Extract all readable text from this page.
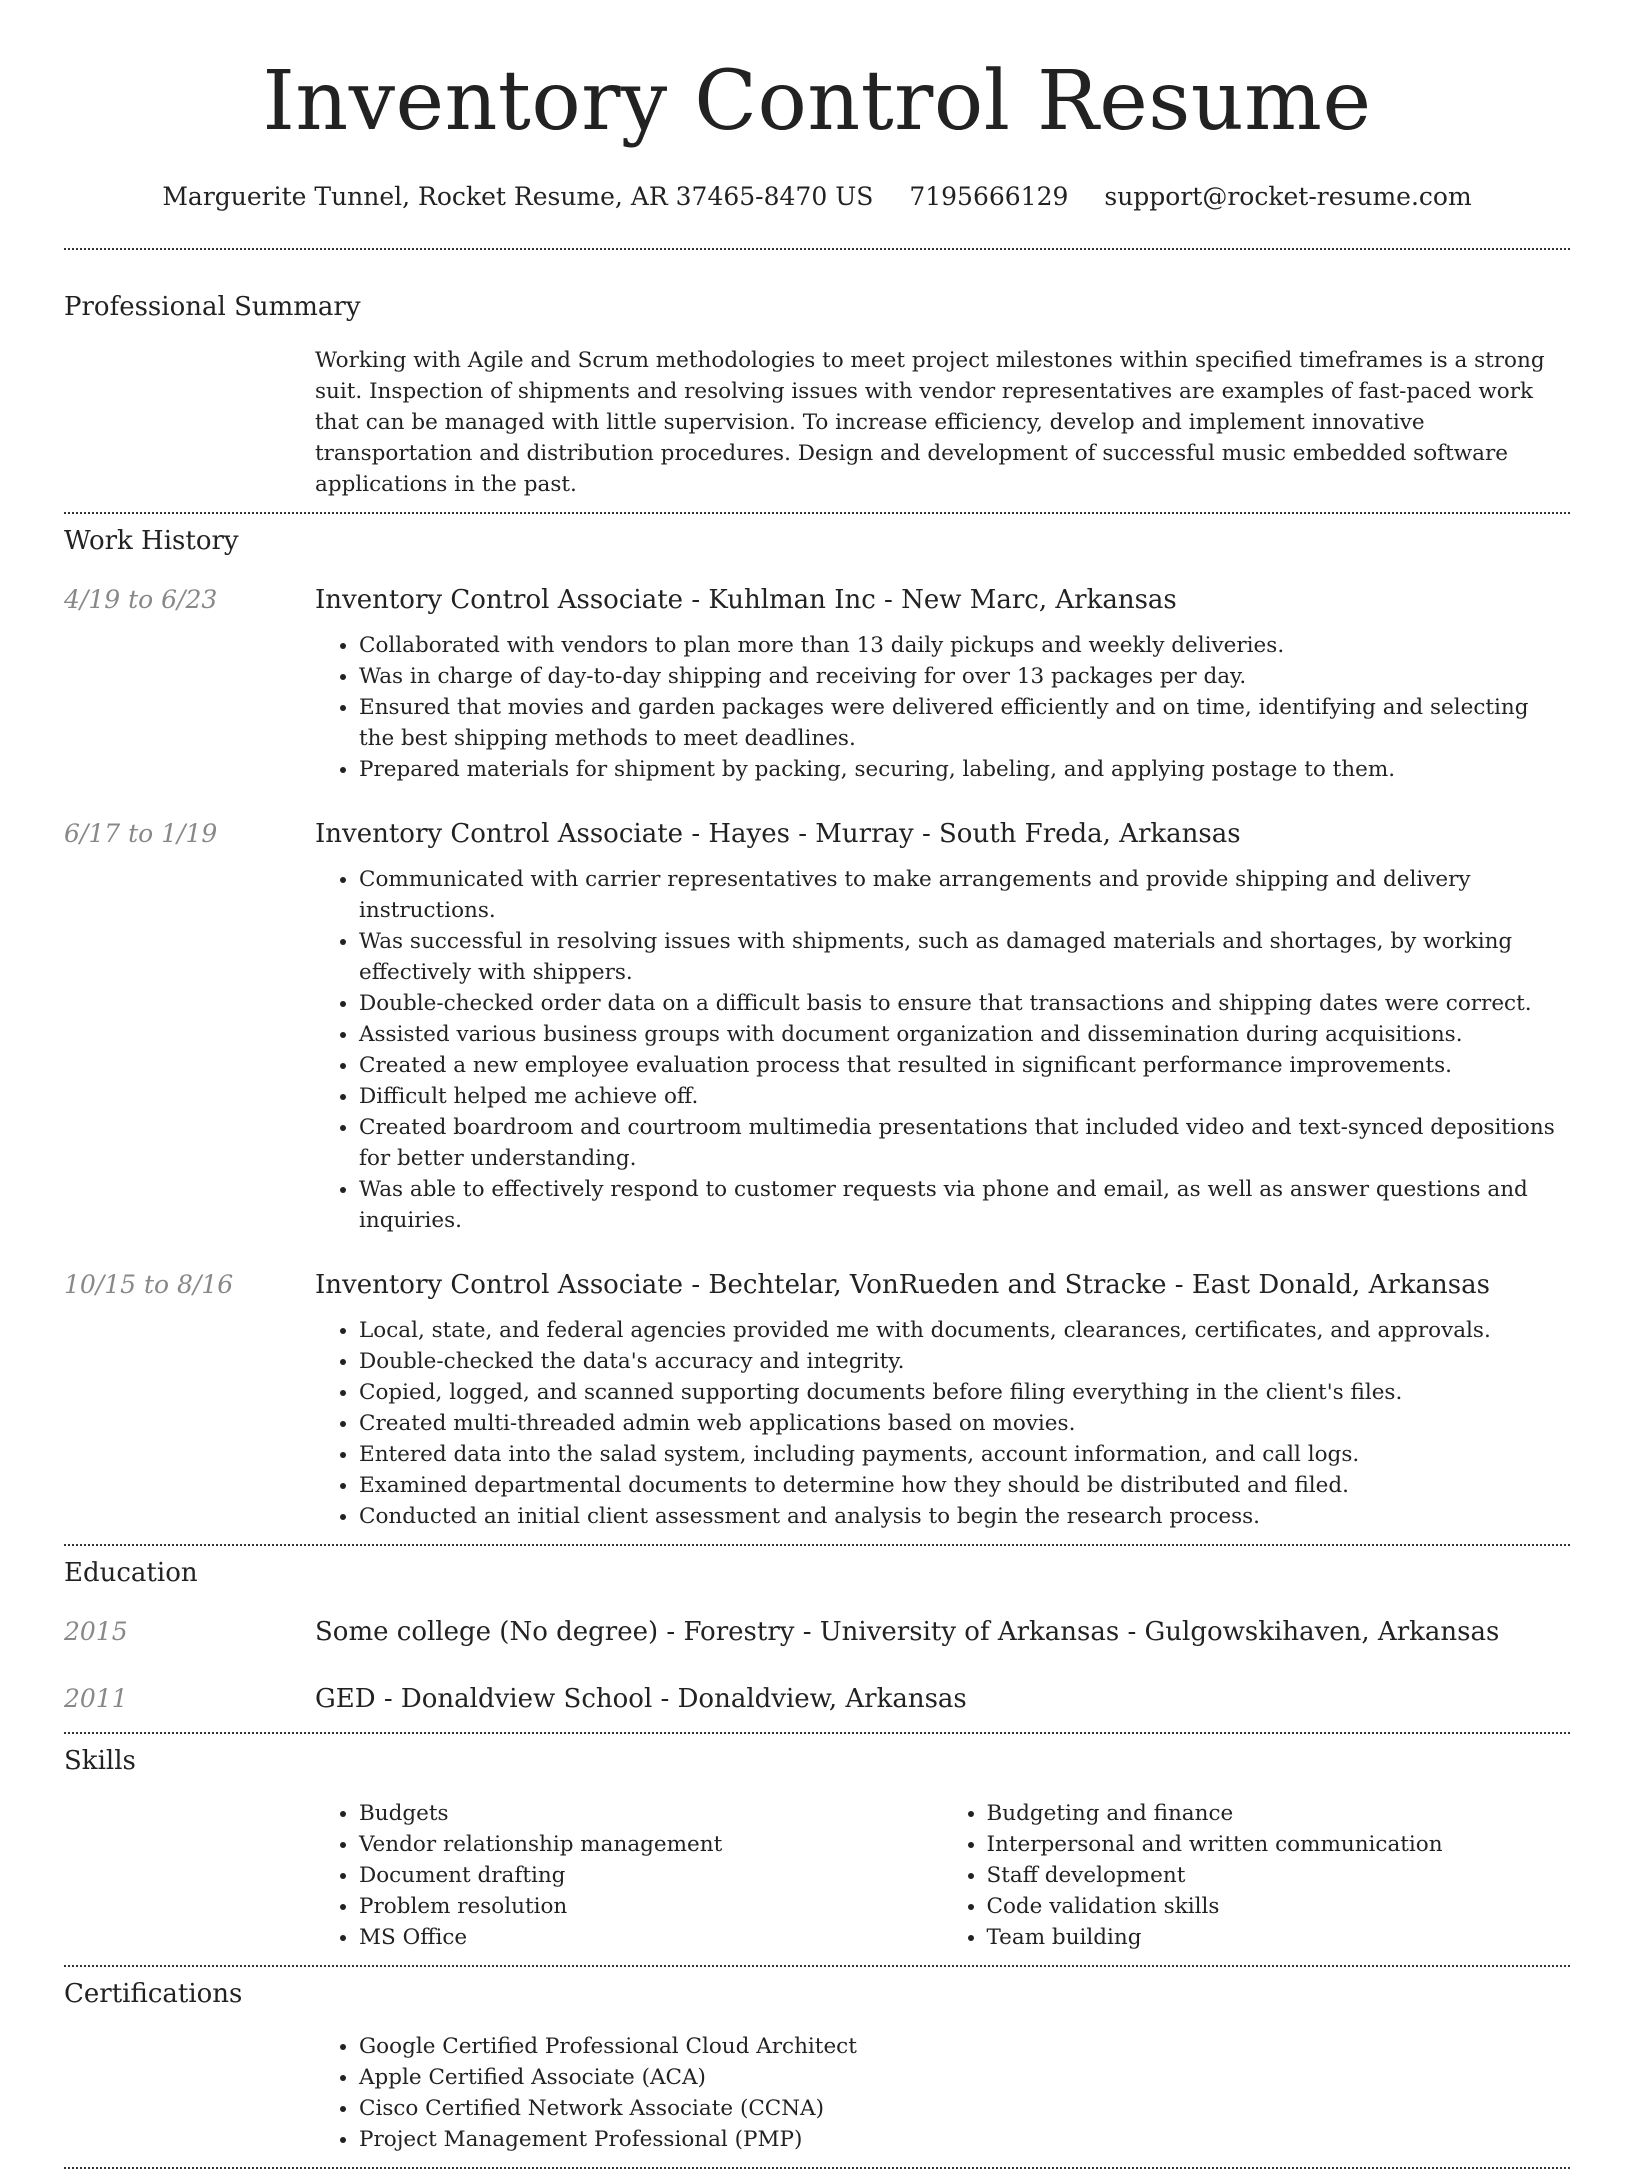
Inventory Control Resume
Marguerite Tunnel, Rocket Resume, AR 37465-8470 US 7195666129 support@rocket-resume.com
Professional Summary

Working with Agile and Scrum methodologies to meet project milestones within specified timeframes is a strong suit. Inspection of shipments and resolving issues with vendor representatives are examples of fast-paced work that can be managed with little supervision. To increase efficiency, develop and implement innovative transportation and distribution procedures. Design and development of successful music embedded software applications in the past.

Work History
4/19 to 6/23	Inventory Control Associate - Kuhlman Inc - New Marc, Arkansas
• Collaborated with vendors to plan more than 13 daily pickups and weekly deliveries.
• Was in charge of day-to-day shipping and receiving for over 13 packages per day.
• Ensured that movies and garden packages were delivered efficiently and on time, identifying and selecting the best shipping methods to meet deadlines.
• Prepared materials for shipment by packing, securing, labeling, and applying postage to them.
6/17 to 1/19	Inventory Control Associate - Hayes - Murray - South Freda, Arkansas
• Communicated with carrier representatives to make arrangements and provide shipping and delivery instructions.
• Was successful in resolving issues with shipments, such as damaged materials and shortages, by working effectively with shippers.
• Double-checked order data on a difficult basis to ensure that transactions and shipping dates were correct.
• Assisted various business groups with document organization and dissemination during acquisitions.
• Created a new employee evaluation process that resulted in significant performance improvements.
• Difficult helped me achieve off.
• Created boardroom and courtroom multimedia presentations that included video and text-synced depositions for better understanding.
• Was able to effectively respond to customer requests via phone and email, as well as answer questions and inquiries.
10/15 to 8/16	Inventory Control Associate - Bechtelar, VonRueden and Stracke - East Donald, Arkansas
• Local, state, and federal agencies provided me with documents, clearances, certificates, and approvals.
• Double-checked the data's accuracy and integrity.
• Copied, logged, and scanned supporting documents before filing everything in the client's files.
• Created multi-threaded admin web applications based on movies.
• Entered data into the salad system, including payments, account information, and call logs.
• Examined departmental documents to determine how they should be distributed and filed.
• Conducted an initial client assessment and analysis to begin the research process.
Education
2015	Some college (No degree) - Forestry - University of Arkansas - Gulgowskihaven, Arkansas
2011	GED - Donaldview School - Donaldview, Arkansas
Skills
• Budgets
• Vendor relationship management
• Document drafting
• Problem resolution
• MS Office
• Budgeting and finance
• Interpersonal and written communication
• Staff development
• Code validation skills
• Team building
Certifications
• Google Certified Professional Cloud Architect
• Apple Certified Associate (ACA)
• Cisco Certified Network Associate (CCNA)
• Project Management Professional (PMP)
